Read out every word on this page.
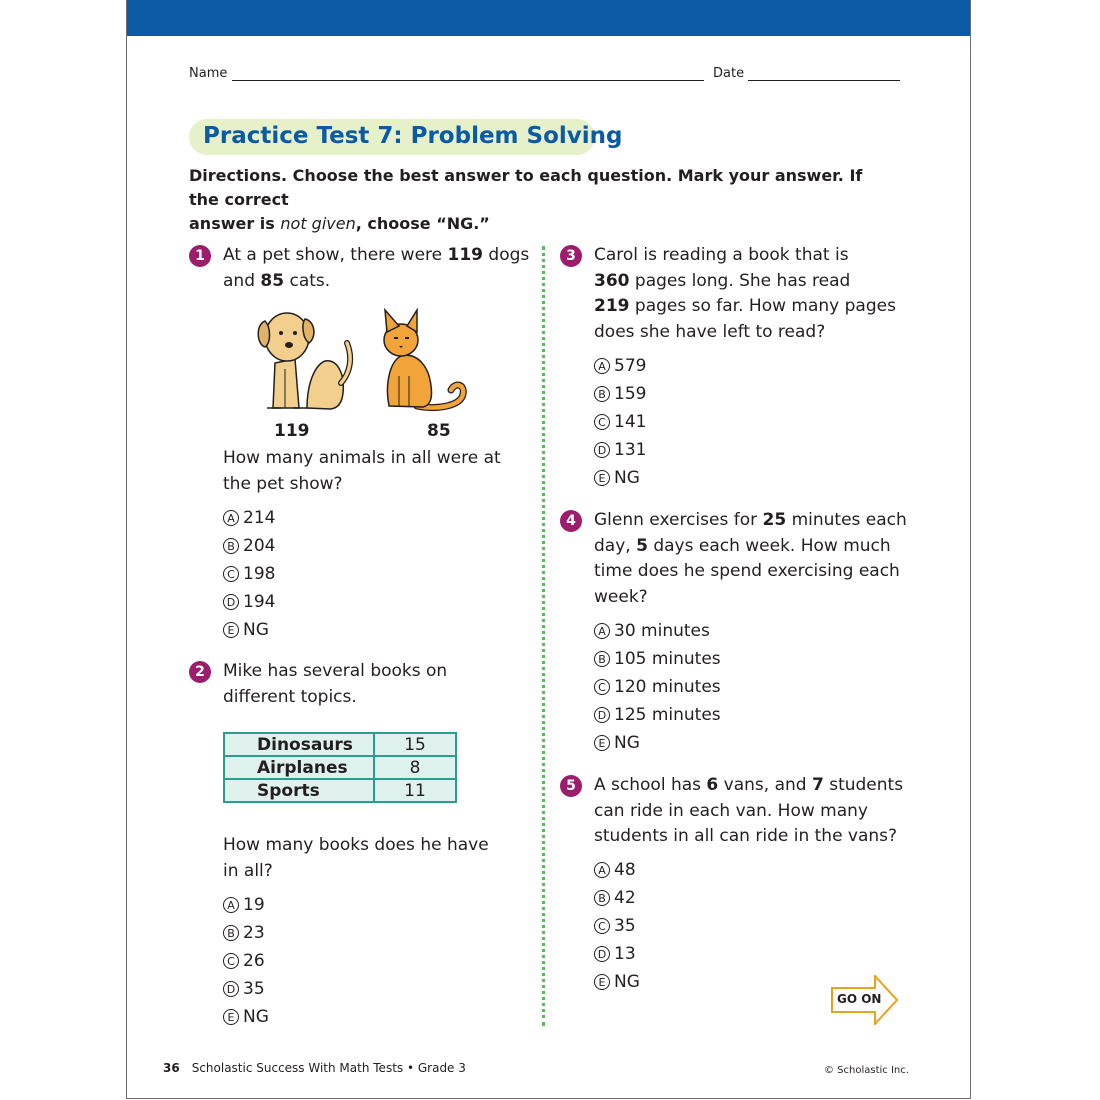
Name	Date
Practice Test 7: Problem Solving
Directions. Choose the best answer to each question. Mark your answer. If the correct
answer is not given, choose “NG.”
1	At a pet show, there were 119 dogs
and 85 cats.
119	85
How many animals in all were at
the pet show?
A 214
B 204
C 198
D 194
E NG
2	Mike has several books on
different topics.
Dinosaurs	15
Airplanes	8
Sports	11
How many books does he have
in all?
A 19
B 23
C 26
D 35
E NG
3	Carol is reading a book that is
360 pages long. She has read
219 pages so far. How many pages
does she have left to read?
A 579
B 159
C 141
D 131
E NG
4	Glenn exercises for 25 minutes each
day, 5 days each week. How much
time does he spend exercising each
week?
A 30 minutes
B 105 minutes
C 120 minutes
D 125 minutes
E NG
5	A school has 6 vans, and 7 students
can ride in each van. How many
students in all can ride in the vans?
A 48
B 42
C 35
D 13
E NG
GO ON
36 Scholastic Success With Math Tests • Grade 3	© Scholastic Inc.
